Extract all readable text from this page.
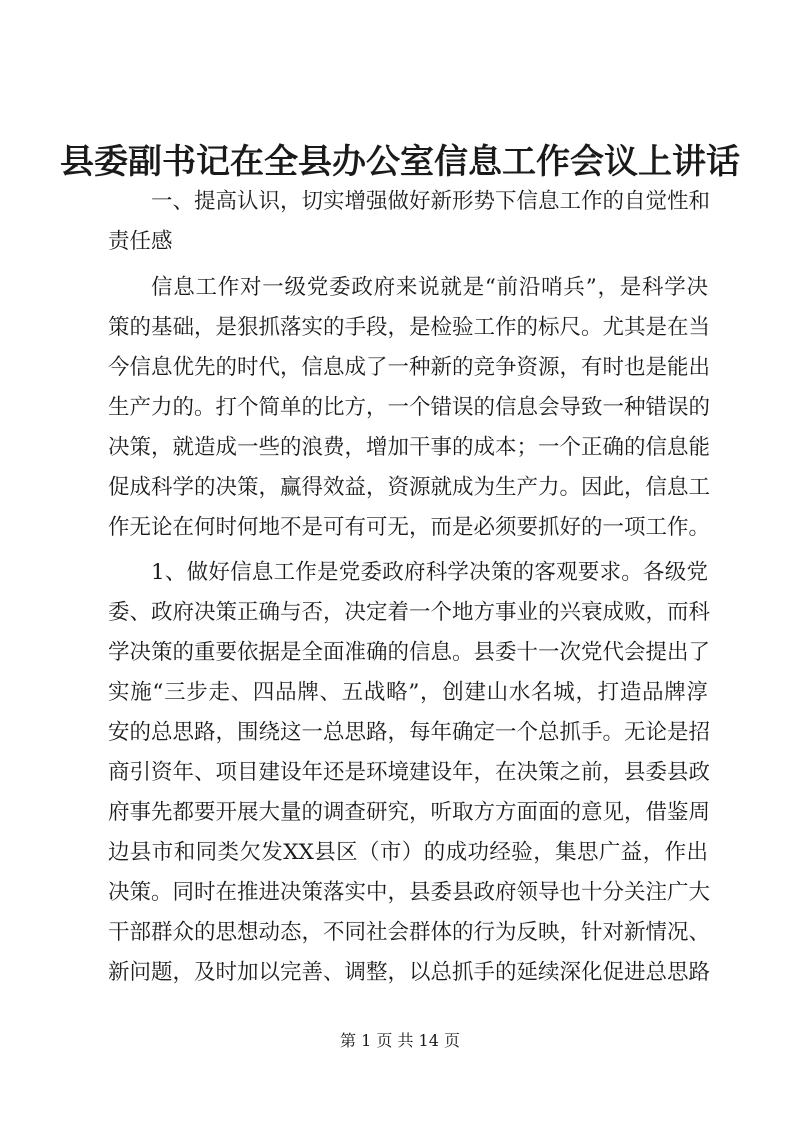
县委副书记在全县办公室信息工作会议上讲话
一、提高认识，切实增强做好新形势下信息工作的自觉性和
责任感
信息工作对一级党委政府来说就是“前沿哨兵”，是科学决
策的基础，是狠抓落实的手段，是检验工作的标尺。尤其是在当
今信息优先的时代，信息成了一种新的竞争资源，有时也是能出
生产力的。打个简单的比方，一个错误的信息会导致一种错误的
决策，就造成一些的浪费，增加干事的成本；一个正确的信息能
促成科学的决策，赢得效益，资源就成为生产力。因此，信息工
作无论在何时何地不是可有可无，而是必须要抓好的一项工作。
1、做好信息工作是党委政府科学决策的客观要求。各级党
委、政府决策正确与否，决定着一个地方事业的兴衰成败，而科
学决策的重要依据是全面准确的信息。县委十一次党代会提出了
实施“三步走、四品牌、五战略”，创建山水名城，打造品牌淳
安的总思路，围绕这一总思路，每年确定一个总抓手。无论是招
商引资年、项目建设年还是环境建设年，在决策之前，县委县政
府事先都要开展大量的调查研究，听取方方面面的意见，借鉴周
边县市和同类欠发XX县区（市）的成功经验，集思广益，作出
决策。同时在推进决策落实中，县委县政府领导也十分关注广大
干部群众的思想动态，不同社会群体的行为反映，针对新情况、
新问题，及时加以完善、调整，以总抓手的延续深化促进总思路
第 1 页 共 14 页
